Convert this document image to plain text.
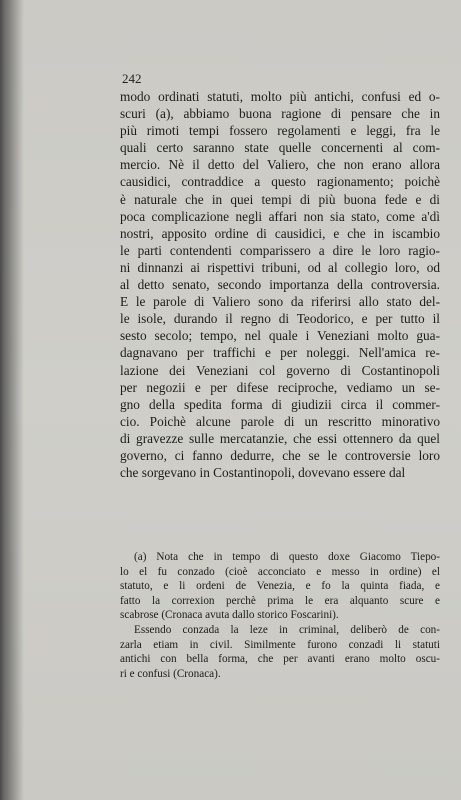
242
modo ordinati statuti, molto più antichi, confusi ed o-
scuri (a), abbiamo buona ragione di pensare che in
più rimoti tempi fossero regolamenti e leggi, fra le
quali certo saranno state quelle concernenti al com-
mercio. Nè il detto del Valiero, che non erano allora
causidici, contraddice a questo ragionamento; poichè
è naturale che in quei tempi di più buona fede e di
poca complicazione negli affari non sia stato, come a'dì
nostri, apposito ordine di causidici, e che in iscambio
le parti contendenti comparissero a dire le loro ragio-
ni dinnanzi ai rispettivi tribuni, od al collegio loro, od
al detto senato, secondo importanza della controversia.
E le parole di Valiero sono da riferirsi allo stato del-
le isole, durando il regno di Teodorico, e per tutto il
sesto secolo; tempo, nel quale i Veneziani molto gua-
dagnavano per traffichi e per noleggi. Nell'amica re-
lazione dei Veneziani col governo di Costantinopoli
per negozii e per difese reciproche, vediamo un se-
gno della spedita forma di giudizii circa il commer-
cio. Poichè alcune parole di un rescritto minorativo
di gravezze sulle mercatanzie, che essi ottennero da quel
governo, ci fanno dedurre, che se le controversie loro
che sorgevano in Costantinopoli, dovevano essere dal
(a) Nota che in tempo di questo doxe Giacomo Tiepo-
lo el fu conzado (cioè acconciato e messo in ordine) el
statuto, e li ordeni de Venezia, e fo la quinta fiada, e
fatto la correxion perchè prima le era alquanto scure e
scabrose (Cronaca avuta dallo storico Foscarini).
Essendo conzada la leze in criminal, deliberò de con-
zarla etiam in civil. Similmente furono conzadi li statuti
antichi con bella forma, che per avanti erano molto oscu-
ri e confusi (Cronaca).
